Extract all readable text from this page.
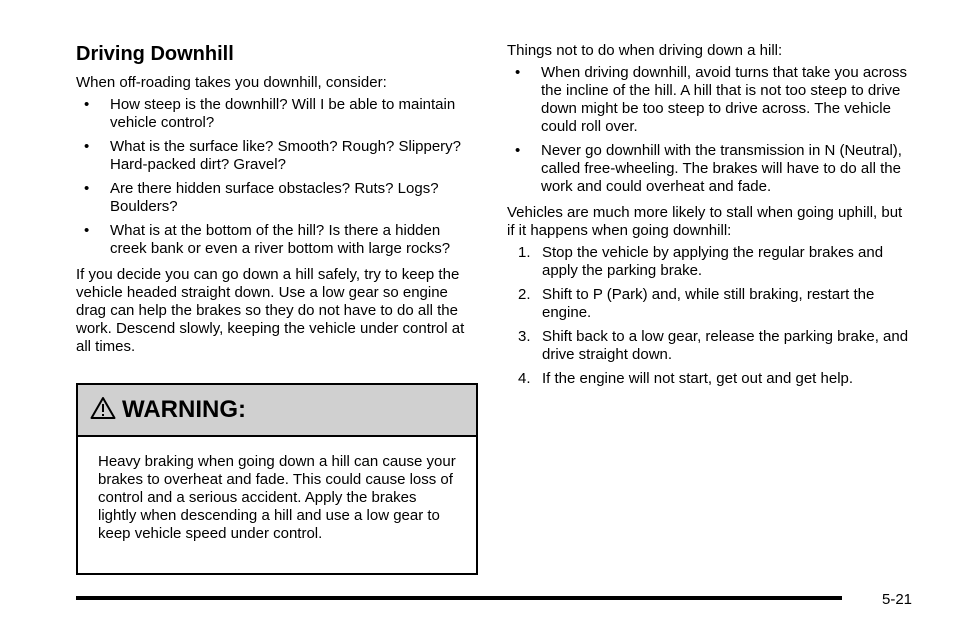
Driving Downhill

When off-roading takes you downhill, consider:

• How steep is the downhill? Will I be able to maintain vehicle control?
• What is the surface like? Smooth? Rough? Slippery? Hard-packed dirt? Gravel?
• Are there hidden surface obstacles? Ruts? Logs? Boulders?
• What is at the bottom of the hill? Is there a hidden creek bank or even a river bottom with large rocks?

If you decide you can go down a hill safely, try to keep the vehicle headed straight down. Use a low gear so engine drag can help the brakes so they do not have to do all the work. Descend slowly, keeping the vehicle under control at all times.

WARNING:
Heavy braking when going down a hill can cause your brakes to overheat and fade. This could cause loss of control and a serious accident. Apply the brakes lightly when descending a hill and use a low gear to keep vehicle speed under control.

Things not to do when driving down a hill:

• When driving downhill, avoid turns that take you across the incline of the hill. A hill that is not too steep to drive down might be too steep to drive across. The vehicle could roll over.
• Never go downhill with the transmission in N (Neutral), called free-wheeling. The brakes will have to do all the work and could overheat and fade.

Vehicles are much more likely to stall when going uphill, but if it happens when going downhill:

1. Stop the vehicle by applying the regular brakes and apply the parking brake.
2. Shift to P (Park) and, while still braking, restart the engine.
3. Shift back to a low gear, release the parking brake, and drive straight down.
4. If the engine will not start, get out and get help.
5-21
